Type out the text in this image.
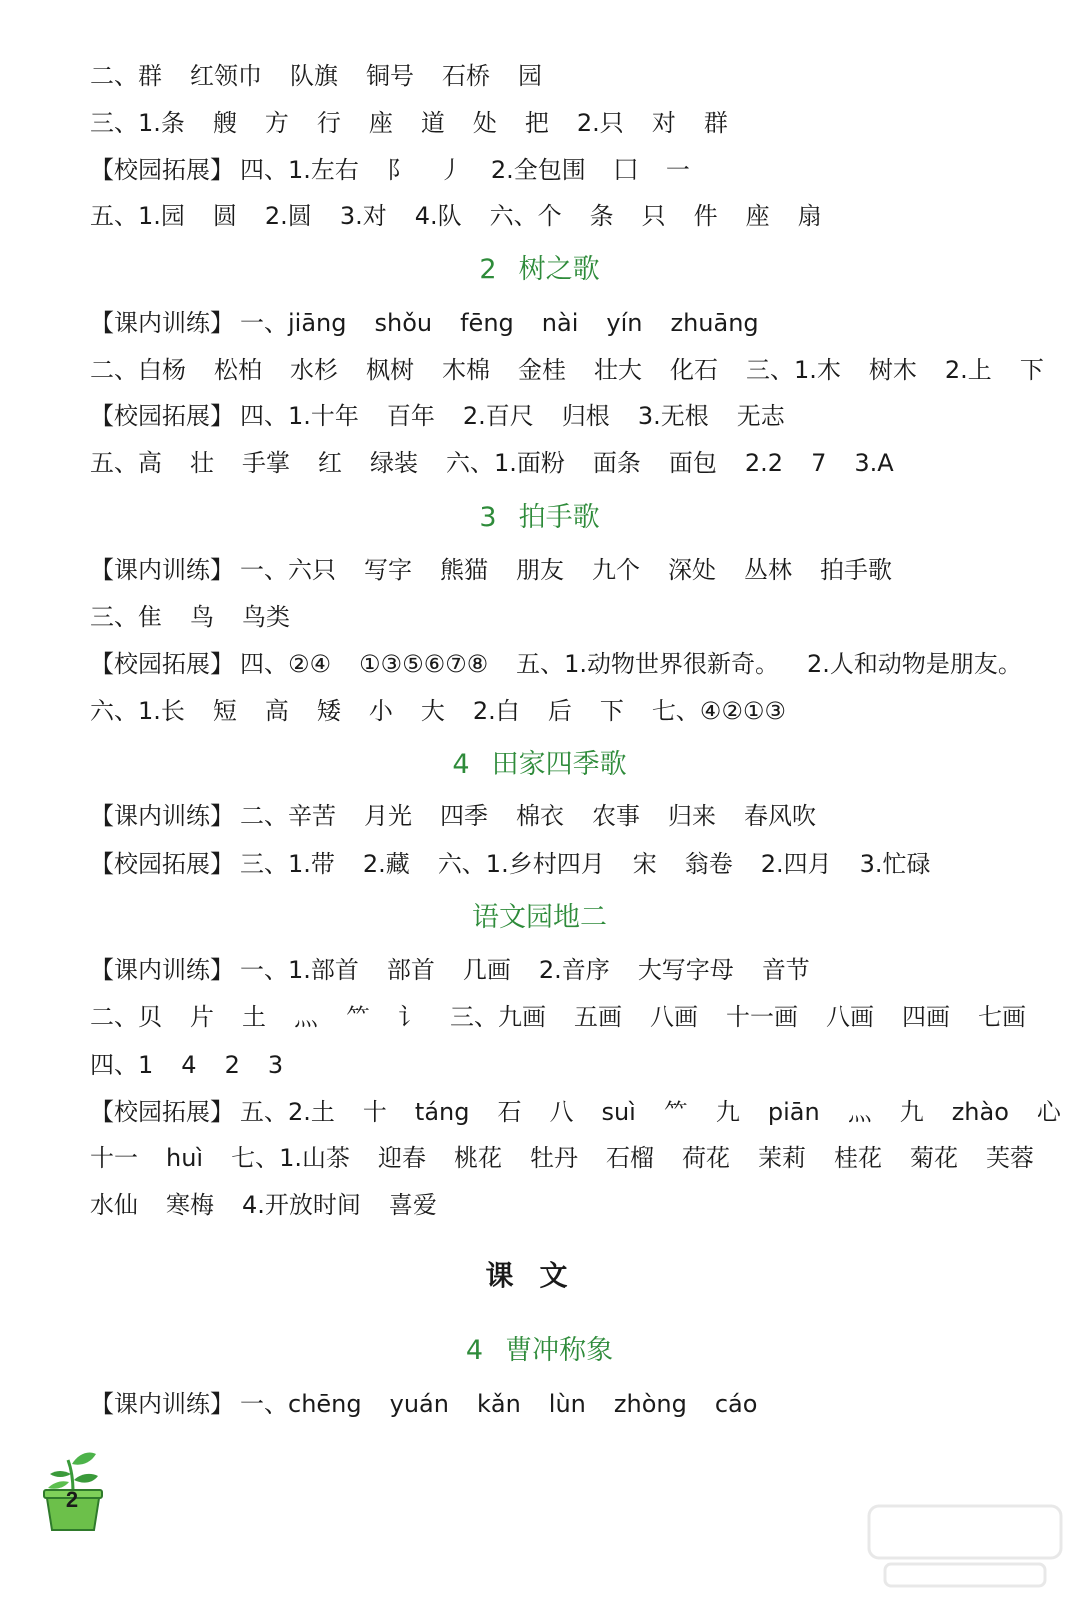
二、群 红领巾 队旗 铜号 石桥 园
三、1.条 艘 方 行 座 道 处 把 2.只 对 群
【校园拓展】 四、1.左右 阝 丿 2.全包围 囗 一
五、1.园 圆 2.圆 3.对 4.队 六、个 条 只 件 座 扇
2 树之歌
【课内训练】 一、jiāng shǒu fēng nài yín zhuāng
二、白杨 松柏 水杉 枫树 木棉 金桂 壮大 化石 三、1.木 树木 2.上 下
【校园拓展】 四、1.十年 百年 2.百尺 归根 3.无根 无志
五、高 壮 手掌 红 绿装 六、1.面粉 面条 面包 2.2 7 3.A
3 拍手歌
【课内训练】 一、六只 写字 熊猫 朋友 九个 深处 丛林 拍手歌
三、隹 鸟 鸟类
【校园拓展】 四、②④ ①③⑤⑥⑦⑧ 五、1.动物世界很新奇。 2.人和动物是朋友。
六、1.长 短 高 矮 小 大 2.白 后 下 七、④②①③
4 田家四季歌
【课内训练】 二、辛苦 月光 四季 棉衣 农事 归来 春风吹
【校园拓展】 三、1.带 2.藏 六、1.乡村四月 宋 翁卷 2.四月 3.忙碌
语文园地二
【课内训练】 一、1.部首 部首 几画 2.音序 大写字母 音节
二、贝 片 土 灬 ⺮ 讠 三、九画 五画 八画 十一画 八画 四画 七画
四、1 4 2 3
【校园拓展】 五、2.土 十 táng 石 八 suì ⺮ 九 piān 灬 九 zhào 心
十一 huì 七、1.山茶 迎春 桃花 牡丹 石榴 荷花 茉莉 桂花 菊花 芙蓉
水仙 寒梅 4.开放时间 喜爱
课文
4 曹冲称象
【课内训练】 一、chēng yuán kǎn lùn zhòng cáo
2
